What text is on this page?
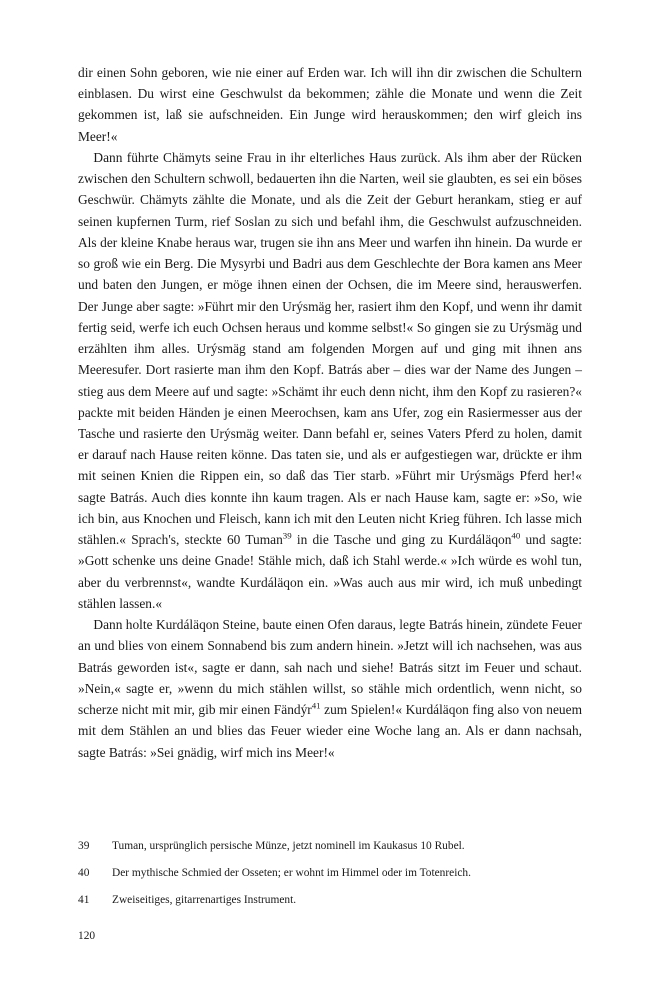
dir einen Sohn geboren, wie nie einer auf Erden war. Ich will ihn dir zwischen die Schultern einblasen. Du wirst eine Geschwulst da bekommen; zähle die Monate und wenn die Zeit gekommen ist, laß sie aufschneiden. Ein Junge wird herauskommen; den wirf gleich ins Meer!«

Dann führte Chämyts seine Frau in ihr elterliches Haus zurück. Als ihm aber der Rücken zwischen den Schultern schwoll, bedauerten ihn die Narten, weil sie glaubten, es sei ein böses Geschwür. Chämyts zählte die Monate, und als die Zeit der Geburt herankam, stieg er auf seinen kupfernen Turm, rief Soslan zu sich und befahl ihm, die Geschwulst aufzuschneiden. Als der kleine Knabe heraus war, trugen sie ihn ans Meer und warfen ihn hinein. Da wurde er so groß wie ein Berg. Die Mysyrbi und Badri aus dem Geschlechte der Bora kamen ans Meer und baten den Jungen, er möge ihnen einen der Ochsen, die im Meere sind, herauswerfen. Der Junge aber sagte: »Führt mir den Urýsmäg her, rasiert ihm den Kopf, und wenn ihr damit fertig seid, werfe ich euch Ochsen heraus und komme selbst!« So gingen sie zu Urýsmäg und erzählten ihm alles. Urýsmäg stand am folgenden Morgen auf und ging mit ihnen ans Meeresufer. Dort rasierte man ihm den Kopf. Batrás aber – dies war der Name des Jungen – stieg aus dem Meere auf und sagte: »Schämt ihr euch denn nicht, ihm den Kopf zu rasieren?« packte mit beiden Händen je einen Meerochsen, kam ans Ufer, zog ein Rasiermesser aus der Tasche und rasierte den Urýsmäg weiter. Dann befahl er, seines Vaters Pferd zu holen, damit er darauf nach Hause reiten könne. Das taten sie, und als er aufgestiegen war, drückte er ihm mit seinen Knien die Rippen ein, so daß das Tier starb. »Führt mir Urýsmägs Pferd her!« sagte Batrás. Auch dies konnte ihn kaum tragen. Als er nach Hause kam, sagte er: »So, wie ich bin, aus Knochen und Fleisch, kann ich mit den Leuten nicht Krieg führen. Ich lasse mich stählen.« Sprach's, steckte 60 Tuman$^{39}$ in die Tasche und ging zu Kurdáläqon$^{40}$ und sagte: »Gott schenke uns deine Gnade! Stähle mich, daß ich Stahl werde.« »Ich würde es wohl tun, aber du verbrennst«, wandte Kurdáläqon ein. »Was auch aus mir wird, ich muß unbedingt stählen lassen.«

Dann holte Kurdáläqon Steine, baute einen Ofen daraus, legte Batrás hinein, zündete Feuer an und blies von einem Sonnabend bis zum andern hinein. »Jetzt will ich nachsehen, was aus Batrás geworden ist«, sagte er dann, sah nach und siehe! Batrás sitzt im Feuer und schaut. »Nein,« sagte er, »wenn du mich stählen willst, so stähle mich ordentlich, wenn nicht, so scherze nicht mit mir, gib mir einen Fändýr$^{41}$ zum Spielen!« Kurdáläqon fing also von neuem mit dem Stählen an und blies das Feuer wieder eine Woche lang an. Als er dann nachsah, sagte Batrás: »Sei gnädig, wirf mich ins Meer!«

39	Tuman, ursprünglich persische Münze, jetzt nominell im Kaukasus 10 Rubel.
40	Der mythische Schmied der Osseten; er wohnt im Himmel oder im Totenreich.
41	Zweiseitiges, gitarrenartiges Instrument.
120
